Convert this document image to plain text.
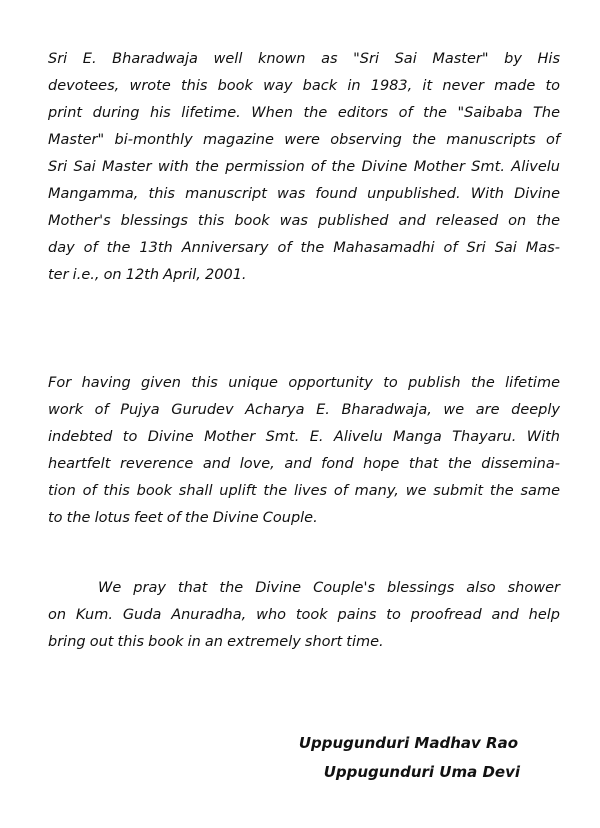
Sri E. Bharadwaja well known as "Sri Sai Master" by His
devotees, wrote this book way back in 1983, it never made to
print during his lifetime. When the editors of the "Saibaba The
Master" bi-monthly magazine were observing the manuscripts of
Sri Sai Master with the permission of the Divine Mother Smt. Alivelu
Mangamma, this manuscript was found unpublished. With Divine
Mother's blessings this book was published and released on the
day of the 13th Anniversary of the Mahasamadhi of Sri Sai Mas-
ter i.e., on 12th April, 2001.

For having given this unique opportunity to publish the lifetime
work of Pujya Gurudev Acharya E. Bharadwaja, we are deeply
indebted to Divine Mother Smt. E. Alivelu Manga Thayaru. With
heartfelt reverence and love, and fond hope that the dissemina-
tion of this book shall uplift the lives of many, we submit the same
to the lotus feet of the Divine Couple.

We pray that the Divine Couple's blessings also shower
on Kum. Guda Anuradha, who took pains to proofread and help
bring out this book in an extremely short time.

Uppugunduri Madhav Rao
Uppugunduri Uma Devi
